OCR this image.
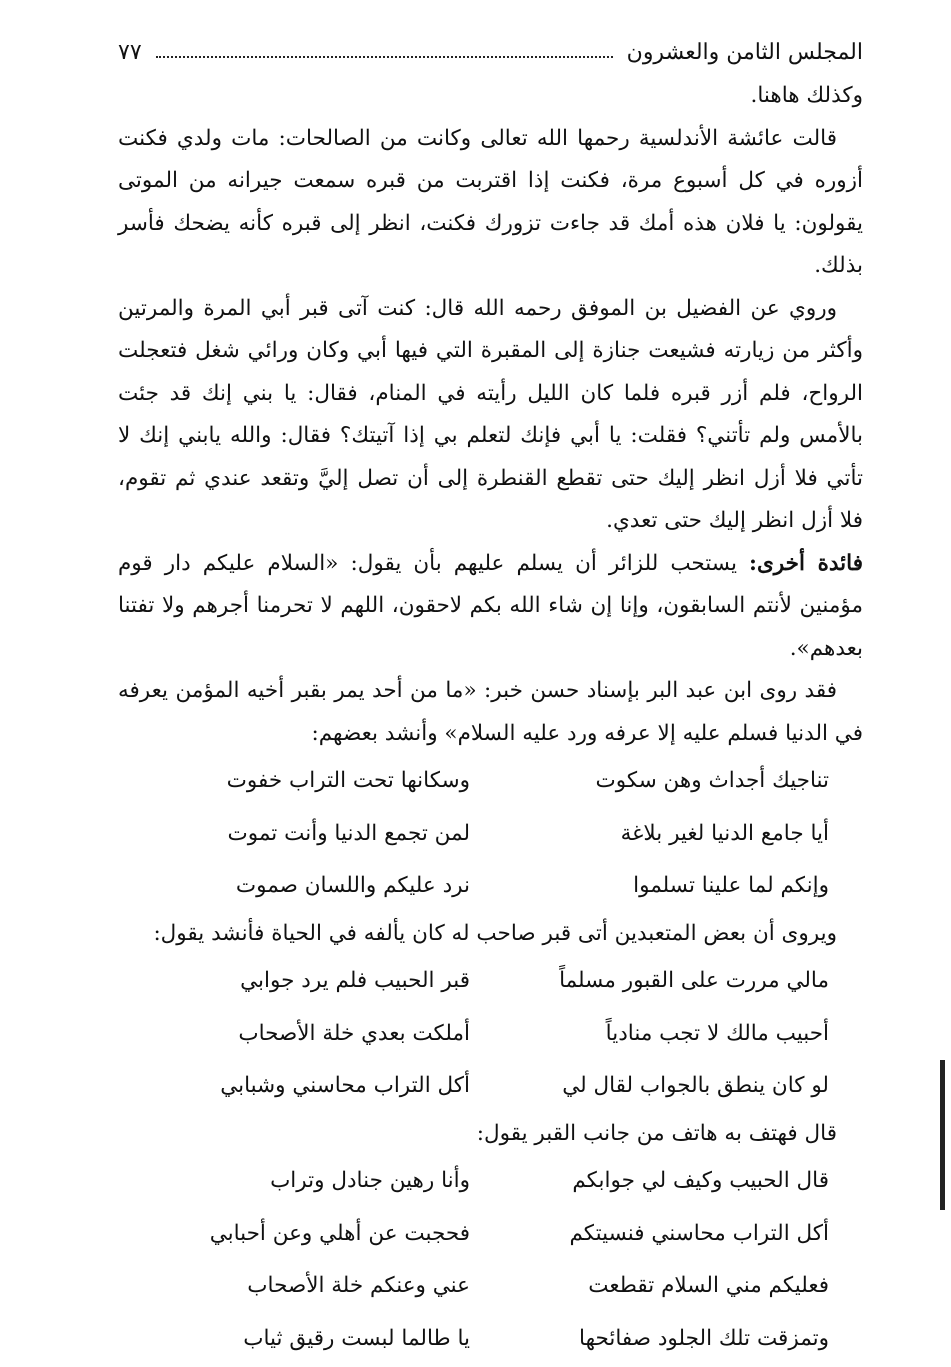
المجلس الثامن والعشرون
٧٧

وكذلك هاهنا.

قالت عائشة الأندلسية رحمها الله تعالى وكانت من الصالحات: مات ولدي فكنت أزوره في كل أسبوع مرة، فكنت إذا اقتربت من قبره سمعت جيرانه من الموتى يقولون: يا فلان هذه أمك قد جاءت تزورك فكنت، انظر إلى قبره كأنه يضحك فأسر بذلك.

وروي عن الفضيل بن الموفق رحمه الله قال: كنت آتى قبر أبي المرة والمرتين وأكثر من زيارته فشيعت جنازة إلى المقبرة التي فيها أبي وكان ورائي شغل فتعجلت الرواح، فلم أزر قبره فلما كان الليل رأيته في المنام، فقال: يا بني إنك قد جئت بالأمس ولم تأتني؟ فقلت: يا أبي فإنك لتعلم بي إذا آتيتك؟ فقال: والله يابني إنك لا تأتي فلا أزل انظر إليك حتى تقطع القنطرة إلى أن تصل إليَّ وتقعد عندي ثم تقوم، فلا أزل انظر إليك حتى تعدي.

فائدة أخرى: يستحب للزائر أن يسلم عليهم بأن يقول: «السلام عليكم دار قوم مؤمنين لأنتم السابقون، وإنا إن شاء الله بكم لاحقون، اللهم لا تحرمنا أجرهم ولا تفتنا بعدهم».

فقد روى ابن عبد البر بإسناد حسن خبر: «ما من أحد يمر بقبر أخيه المؤمن يعرفه في الدنيا فسلم عليه إلا عرفه ورد عليه السلام» وأنشد بعضهم:

تناجيك أجداث وهن سكوت
وسكانها تحت التراب خفوت
أيا جامع الدنيا لغير بلاغة
لمن تجمع الدنيا وأنت تموت
وإنكم لما علينا تسلموا
نرد عليكم واللسان صموت

ويروى أن بعض المتعبدين أتى قبر صاحب له كان يألفه في الحياة فأنشد يقول:

مالي مررت على القبور مسلماً
قبر الحبيب فلم يرد جوابي
أحبيب مالك لا تجب منادياً
أملكت بعدي خلة الأصحاب
لو كان ينطق بالجواب لقال لي
أكل التراب محاسني وشبابي

قال فهتف به هاتف من جانب القبر يقول:

قال الحبيب وكيف لي جوابكم
وأنا رهين جنادل وتراب
أكل التراب محاسني فنسيتكم
فحجبت عن أهلي وعن أحبابي
فعليكم مني السلام تقطعت
عني وعنكم خلة الأصحاب
وتمزقت تلك الجلود صفائحها
يا طالما لبست رقيق ثياب
